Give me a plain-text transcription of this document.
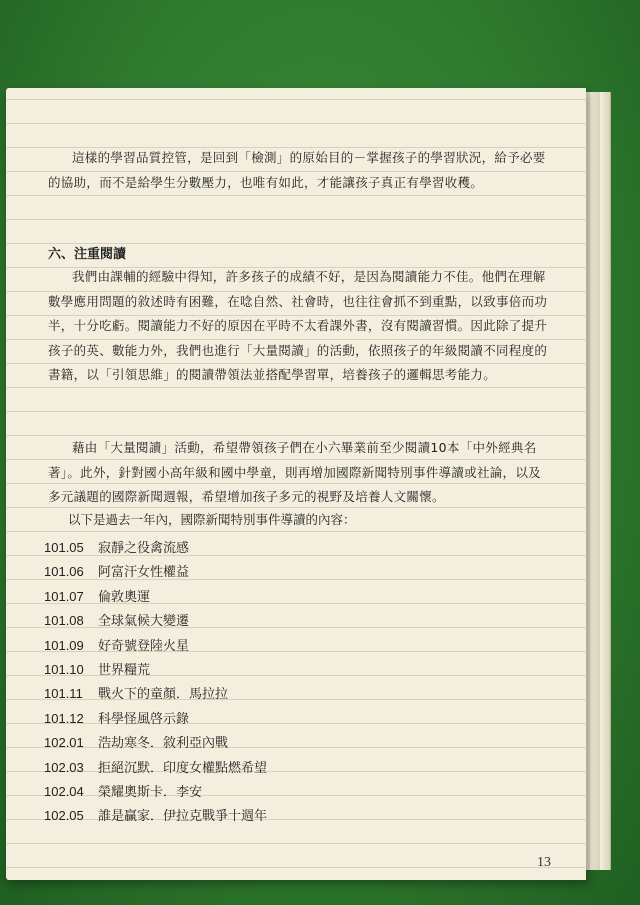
這樣的學習品質控管，是回到「檢測」的原始目的－掌握孩子的學習狀況，給予必要的協助，而不是給學生分數壓力，也唯有如此，才能讓孩子真正有學習收穫。
六、注重閱讀
我們由課輔的經驗中得知，許多孩子的成績不好，是因為閱讀能力不佳。他們在理解數學應用問題的敘述時有困難，在唸自然、社會時，也往往會抓不到重點，以致事倍而功半，十分吃虧。閱讀能力不好的原因在平時不太看課外書，沒有閱讀習慣。因此除了提升孩子的英、數能力外，我們也進行「大量閱讀」的活動，依照孩子的年級閱讀不同程度的書籍，以「引領思維」的閱讀帶領法並搭配學習單，培養孩子的邏輯思考能力。
藉由「大量閱讀」活動，希望帶領孩子們在小六畢業前至少閱讀10本「中外經典名著」。此外，針對國小高年級和國中學童，則再增加國際新聞特別事件導讀或社論，以及多元議題的國際新聞週報，希望增加孩子多元的視野及培養人文關懷。
以下是過去一年內，國際新聞特別事件導讀的內容：
101.05 寂靜之役禽流感
101.06 阿富汗女性權益
101.07 倫敦奧運
101.08 全球氣候大變遷
101.09 好奇號登陸火星
101.10 世界糧荒
101.11 戰火下的童顏．馬拉拉
101.12 科學怪風啓示錄
102.01 浩劫寒冬．敘利亞內戰
102.03 拒絕沉默．印度女權點燃希望
102.04 榮耀奧斯卡．李安
102.05 誰是贏家．伊拉克戰爭十週年
13
